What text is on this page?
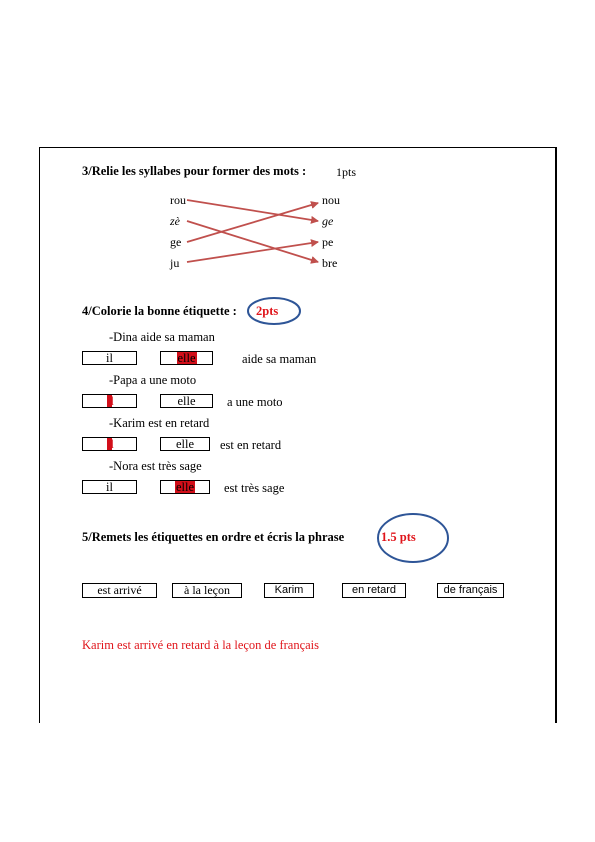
3/Relie les syllabes pour former des mots : 1pts
rou
zè
ge
ju
nou
ge
pe
bre
4/Colorie la bonne étiquette : 2pts
-Dina aide sa maman
il	elle	aide sa maman
-Papa a une moto
il	elle	a une moto
-Karim est en retard
il	elle	est en retard
-Nora est très sage
il	elle	est très sage
5/Remets les étiquettes en ordre et écris la phrase	1.5 pts
est arrivé	à la leçon	Karim	en retard	de français
Karim est arrivé en retard à la leçon de français
